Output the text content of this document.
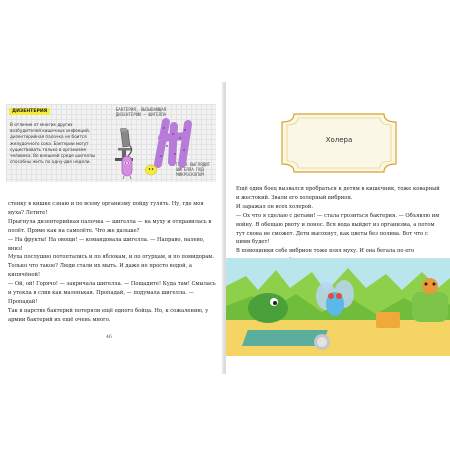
ДИЗЕНТЕРИЯ
В отличие от многих других возбудителей кишечных инфекций, дизентерийная палочка не боится желудочного сока. Бактерии могут существовать только в организме человека. Во внешней среде шигеллы способны жить по одну-две недели.
БАКТЕРИЯ, ВЫЗЫВАЮЩАЯ ДИЗЕНТЕРИЮ — ШИГЕЛЛА
ВОТ ТАК ВЫГЛЯДИТ ШИГЕЛЛА ПОД МИКРОСКОПОМ

стенку в кишке сзнаю и по всему организму пойду гулять. Ну, где моя муха? Летите!

Прыгнула дизентерийная палочка — шигелла — на муху и отправилась в полёт. Прямо как на самолёте. Что же дальше?

— На фрукты! На овощи! — командовала шигелла. — Направо, налево, вниз!

Муха послушно потоптались и по яблокам, и по огурцам, и по помидорам. Только что такое? Люди стали их мыть. И даже не просто водой, а кипячёной!

— Ой, ой! Горячо! — закричала шигелла. — Пощадите! Куда там! Смылась и утекла в слив как маленькая. Пропадай, — подумала шигелла. — Пропадай!

Так в царстве бактерий потеряли ещё одного бойца. Но, к сожалению, у армии бактерий их ещё очень много.

46
Холера

Ещё один боец вызвался пробраться к детям в кишечник, тоже коварный и жестокий. Звали его холерный вибрион.

И заражал он всех холерой.

— Ох что я сделаю с детьми! — стала грозиться бактерия. — Объявлю им войну. Я обещаю рвоту и понос. Вся вода выйдет из организма, а потом тут снова не сможет. Дети высохнут, как цветы без полива. Вот что с ними будет!

В помощники себе вибрион тоже взял муху. И она бегала по его
